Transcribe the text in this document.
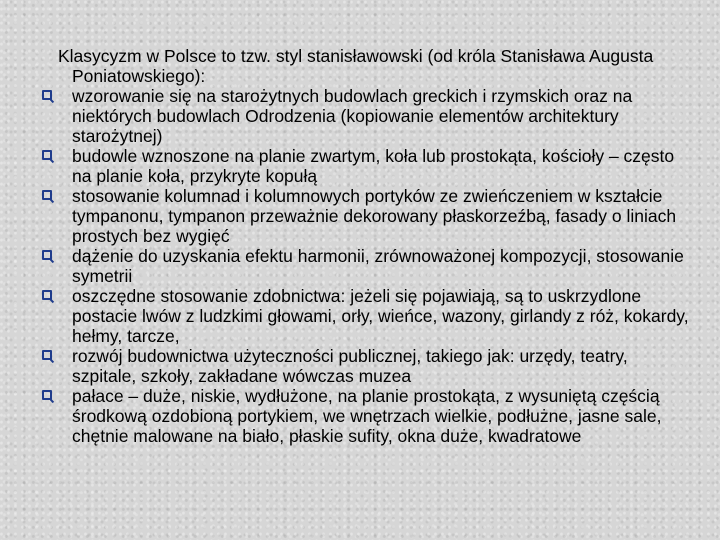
Klasycyzm w Polsce to tzw. styl stanisławowski (od króla Stanisława Augusta Poniatowskiego):

wzorowanie się na starożytnych budowlach greckich i rzymskich oraz na niektórych budowlach Odrodzenia (kopiowanie elementów architektury starożytnej)
budowle wznoszone na planie zwartym, koła lub prostokąta, kościoły – często na planie koła, przykryte kopułą
stosowanie kolumnad i kolumnowych portyków ze zwieńczeniem w kształcie tympanonu, tympanon przeważnie dekorowany płaskorzeźbą, fasady o liniach prostych bez wygięć
dążenie do uzyskania efektu harmonii, zrównoważonej kompozycji, stosowanie symetrii
oszczędne stosowanie zdobnictwa: jeżeli się pojawiają, są to uskrzydlone postacie lwów z ludzkimi głowami, orły, wieńce, wazony, girlandy z róż, kokardy, hełmy, tarcze,
rozwój budownictwa użyteczności publicznej, takiego jak: urzędy, teatry, szpitale, szkoły, zakładane wówczas muzea
pałace – duże, niskie, wydłużone, na planie prostokąta, z wysuniętą częścią środkową ozdobioną portykiem, we wnętrzach wielkie, podłużne, jasne sale, chętnie malowane na biało, płaskie sufity, okna duże, kwadratowe
